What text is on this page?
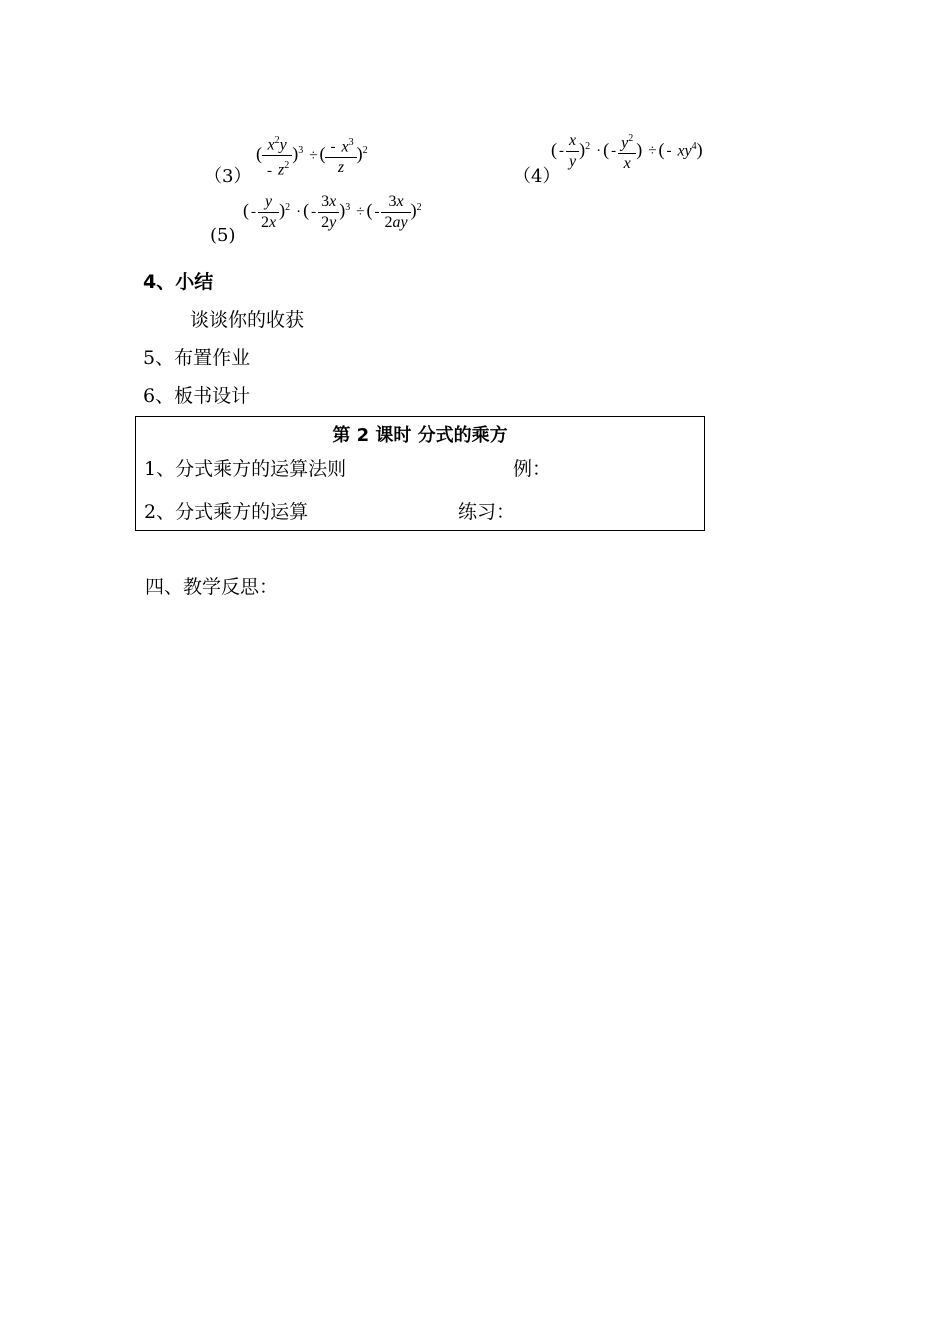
（3）
( $\frac{x^2y}{- z^2} )^3$ ÷ ( $\frac{- x^3}{z} )^2$
（4）
( - $\frac{x}{y} )^2$ · ( - $\frac{y^2}{x}$ ) ÷ ( - $xy^4$)
(5)
( - $\frac{y}{2x} )^2$ · ( - $\frac{3x}{2y} )^3$ ÷ ( - $\frac{3x}{2ay} )^2$
4、小结
谈谈你的收获
5、布置作业
6、板书设计
第 2 课时 分式的乘方
1、分式乘方的运算法则	例：
2、分式乘方的运算	练习：
四、教学反思：
